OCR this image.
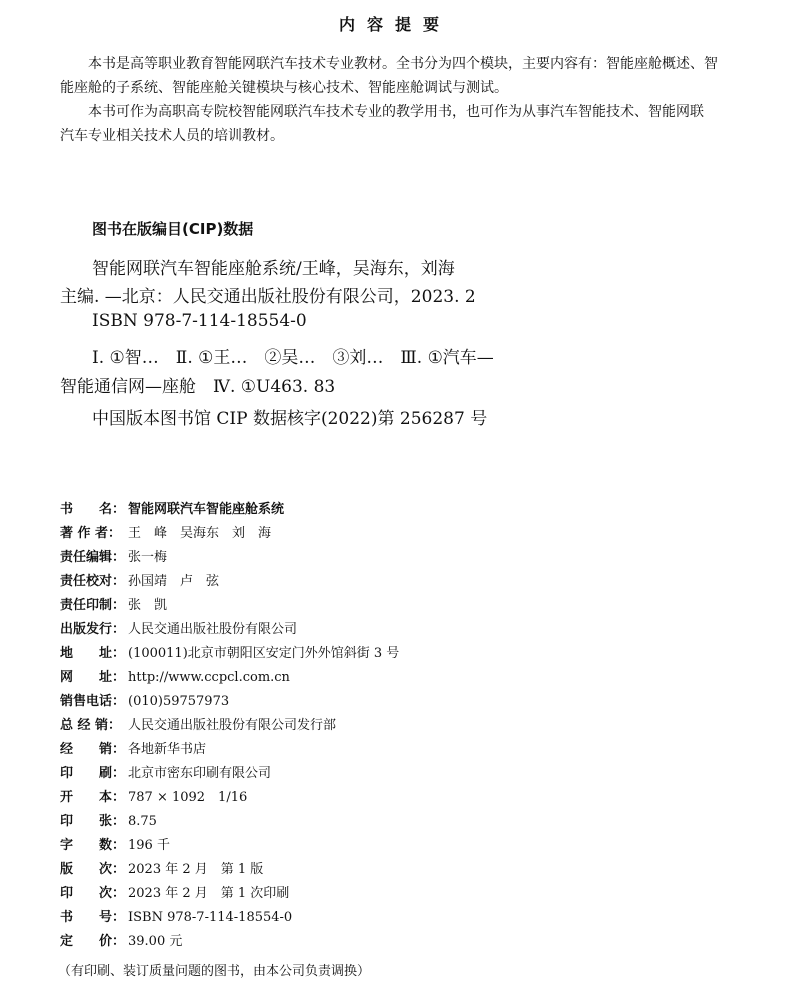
内容提要
本书是高等职业教育智能网联汽车技术专业教材。全书分为四个模块，主要内容有：智能座舱概述、智
能座舱的子系统、智能座舱关键模块与核心技术、智能座舱调试与测试。
本书可作为高职高专院校智能网联汽车技术专业的教学用书，也可作为从事汽车智能技术、智能网联
汽车专业相关技术人员的培训教材。
图书在版编目(CIP)数据
智能网联汽车智能座舱系统/王峰，吴海东，刘海
主编. —北京：人民交通出版社股份有限公司，2023. 2
ISBN 978-7-114-18554-0
Ⅰ. ①智…　Ⅱ. ①王…　②吴…　③刘…　Ⅲ. ①汽车—
智能通信网—座舱　Ⅳ. ①U463. 83
中国版本图书馆 CIP 数据核字(2022)第 256287 号
书　　名： 智能网联汽车智能座舱系统
著 作 者： 王　峰　吴海东　刘　海
责任编辑： 张一梅
责任校对： 孙国靖　卢　弦
责任印制： 张　凯
出版发行： 人民交通出版社股份有限公司
地　　址： (100011)北京市朝阳区安定门外外馆斜街 3 号
网　　址： http://www.ccpcl.com.cn
销售电话： (010)59757973
总 经 销： 人民交通出版社股份有限公司发行部
经　　销： 各地新华书店
印　　刷： 北京市密东印刷有限公司
开　　本： 787 × 1092　1/16
印　　张： 8.75
字　　数： 196 千
版　　次： 2023 年 2 月　第 1 版
印　　次： 2023 年 2 月　第 1 次印刷
书　　号： ISBN 978-7-114-18554-0
定　　价： 39.00 元
（有印刷、装订质量问题的图书，由本公司负责调换）
